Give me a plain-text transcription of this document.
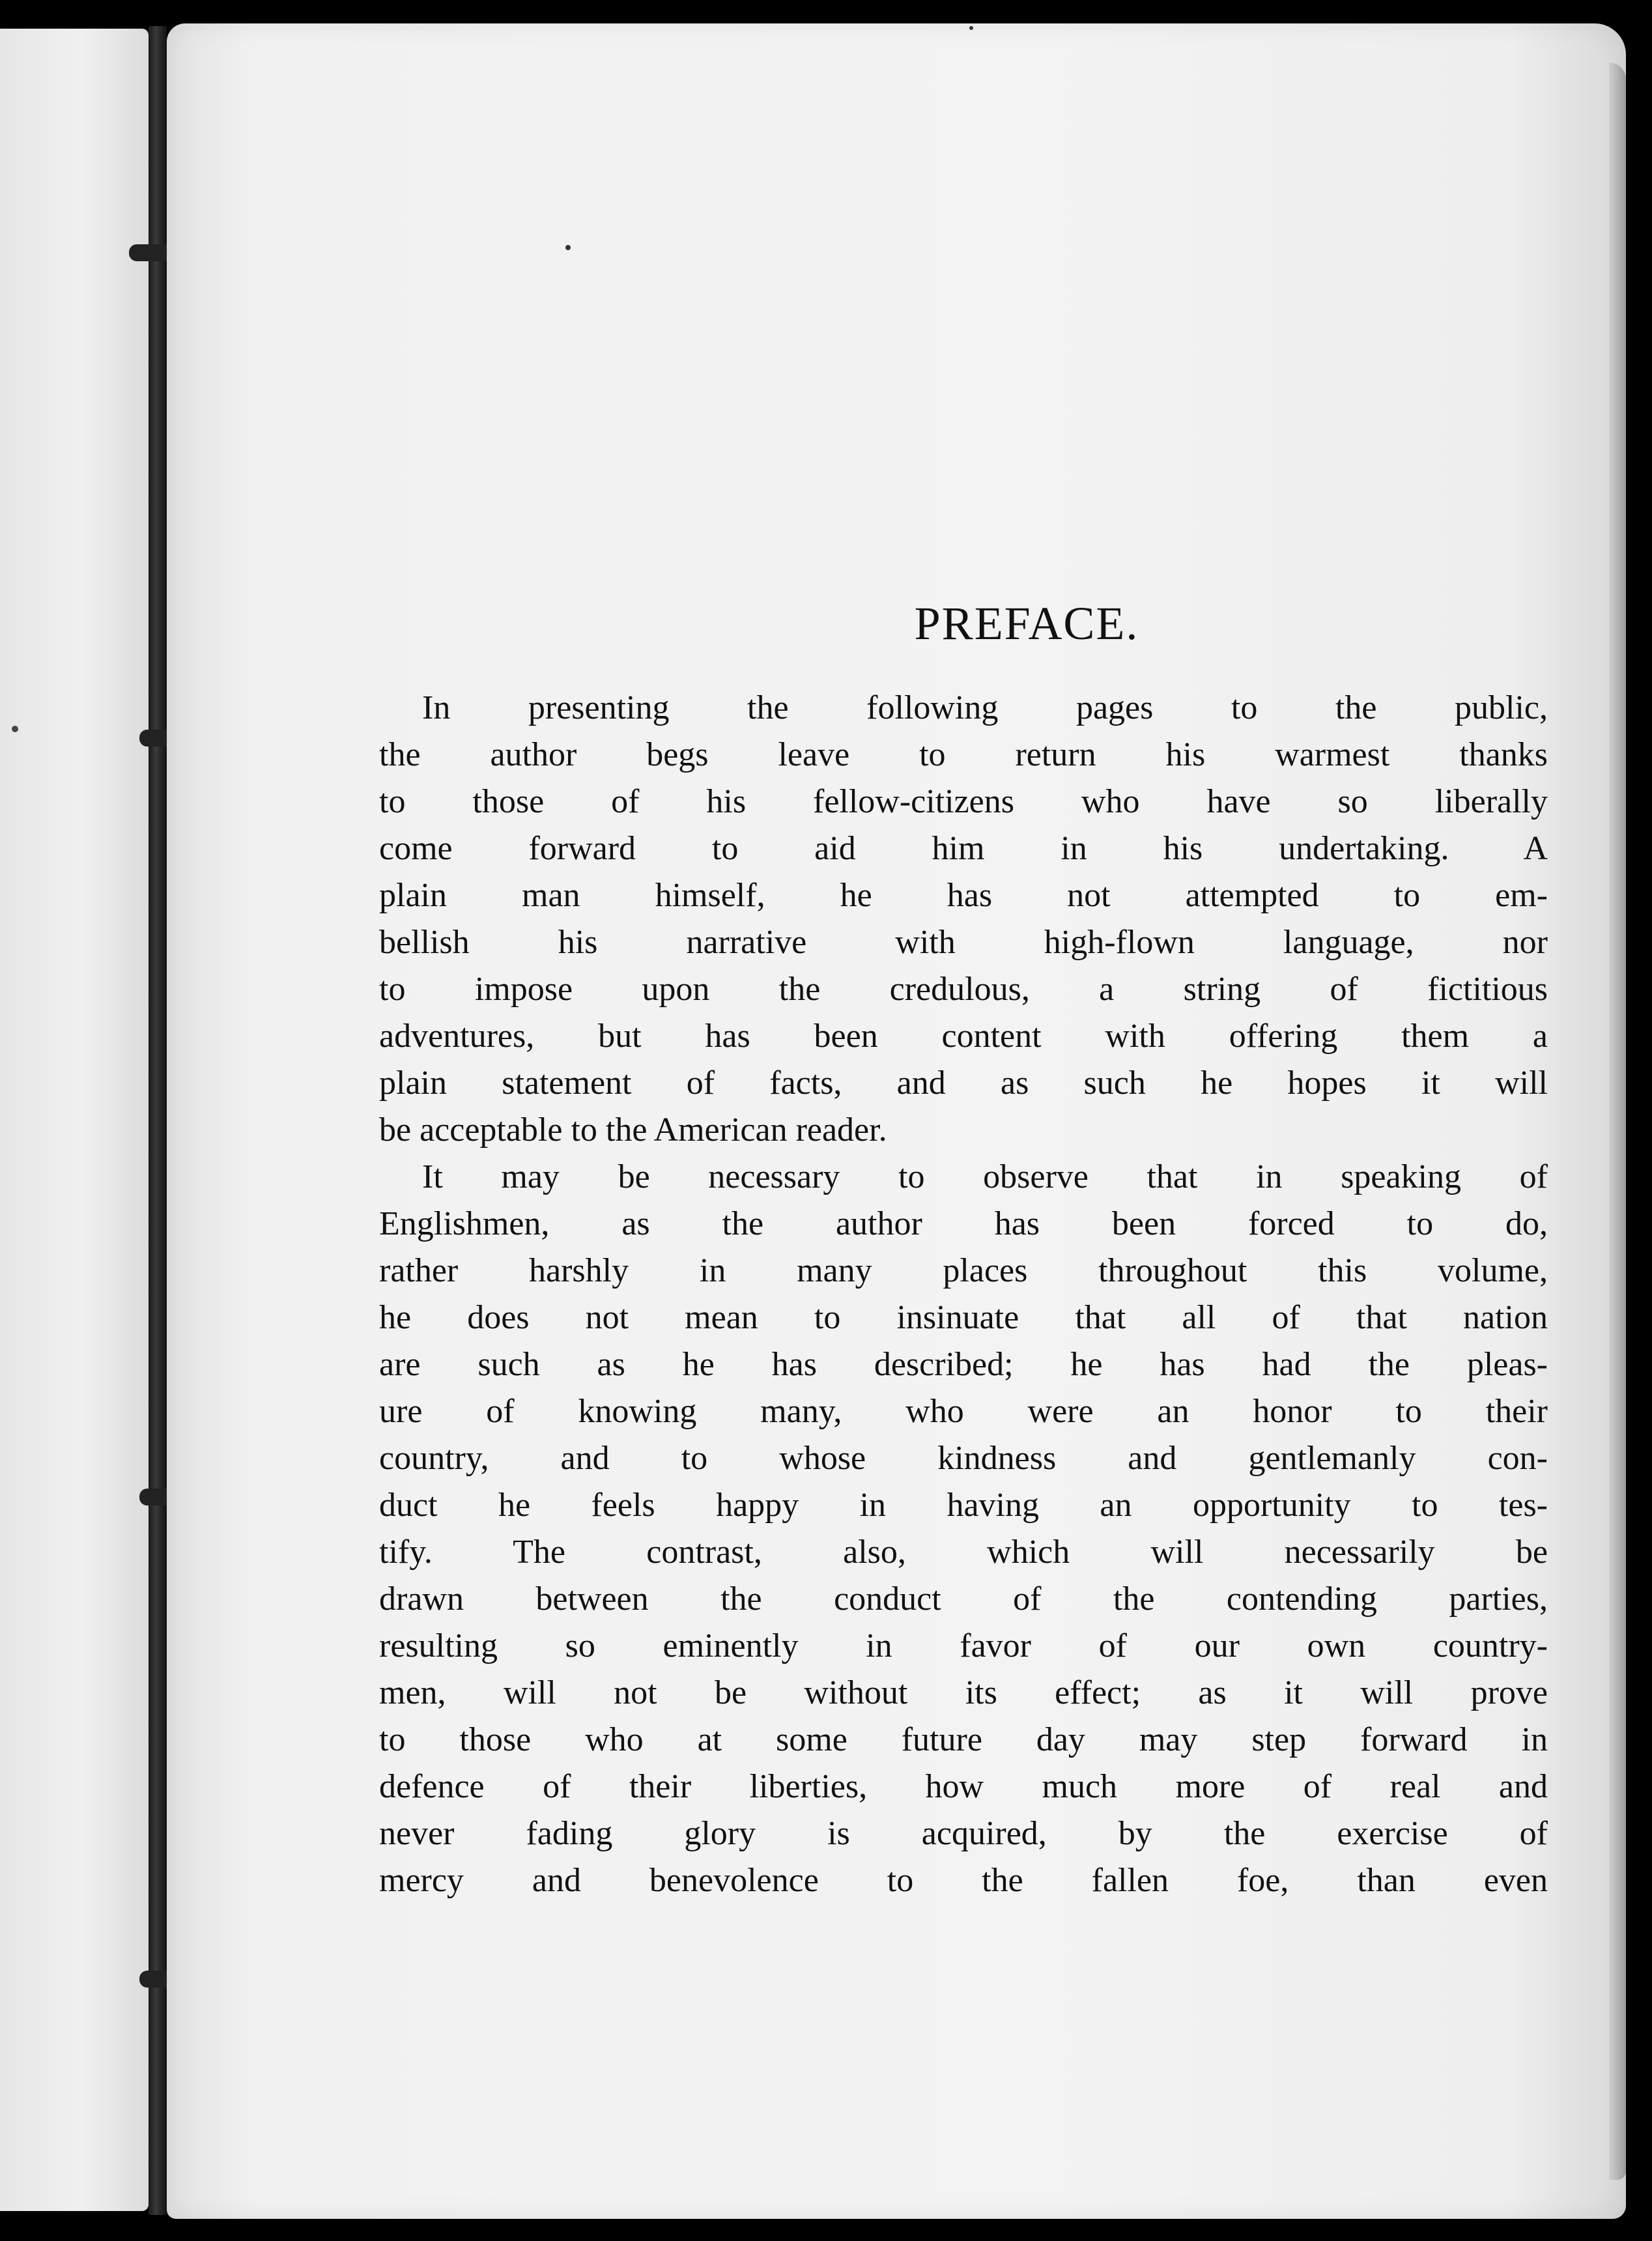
PREFACE.
In presenting the following pages to the public,
the author begs leave to return his warmest thanks
to those of his fellow-citizens who have so liberally
come forward to aid him in his undertaking. A
plain man himself, he has not attempted to em-
bellish his narrative with high-flown language, nor
to impose upon the credulous, a string of fictitious
adventures, but has been content with offering them a
plain statement of facts, and as such he hopes it will
be acceptable to the American reader.
It may be necessary to observe that in speaking of
Englishmen, as the author has been forced to do,
rather harshly in many places throughout this volume,
he does not mean to insinuate that all of that nation
are such as he has described; he has had the pleas-
ure of knowing many, who were an honor to their
country, and to whose kindness and gentlemanly con-
duct he feels happy in having an opportunity to tes-
tify. The contrast, also, which will necessarily be
drawn between the conduct of the contending parties,
resulting so eminently in favor of our own country-
men, will not be without its effect; as it will prove
to those who at some future day may step forward in
defence of their liberties, how much more of real and
never fading glory is acquired, by the exercise of
mercy and benevolence to the fallen foe, than even
